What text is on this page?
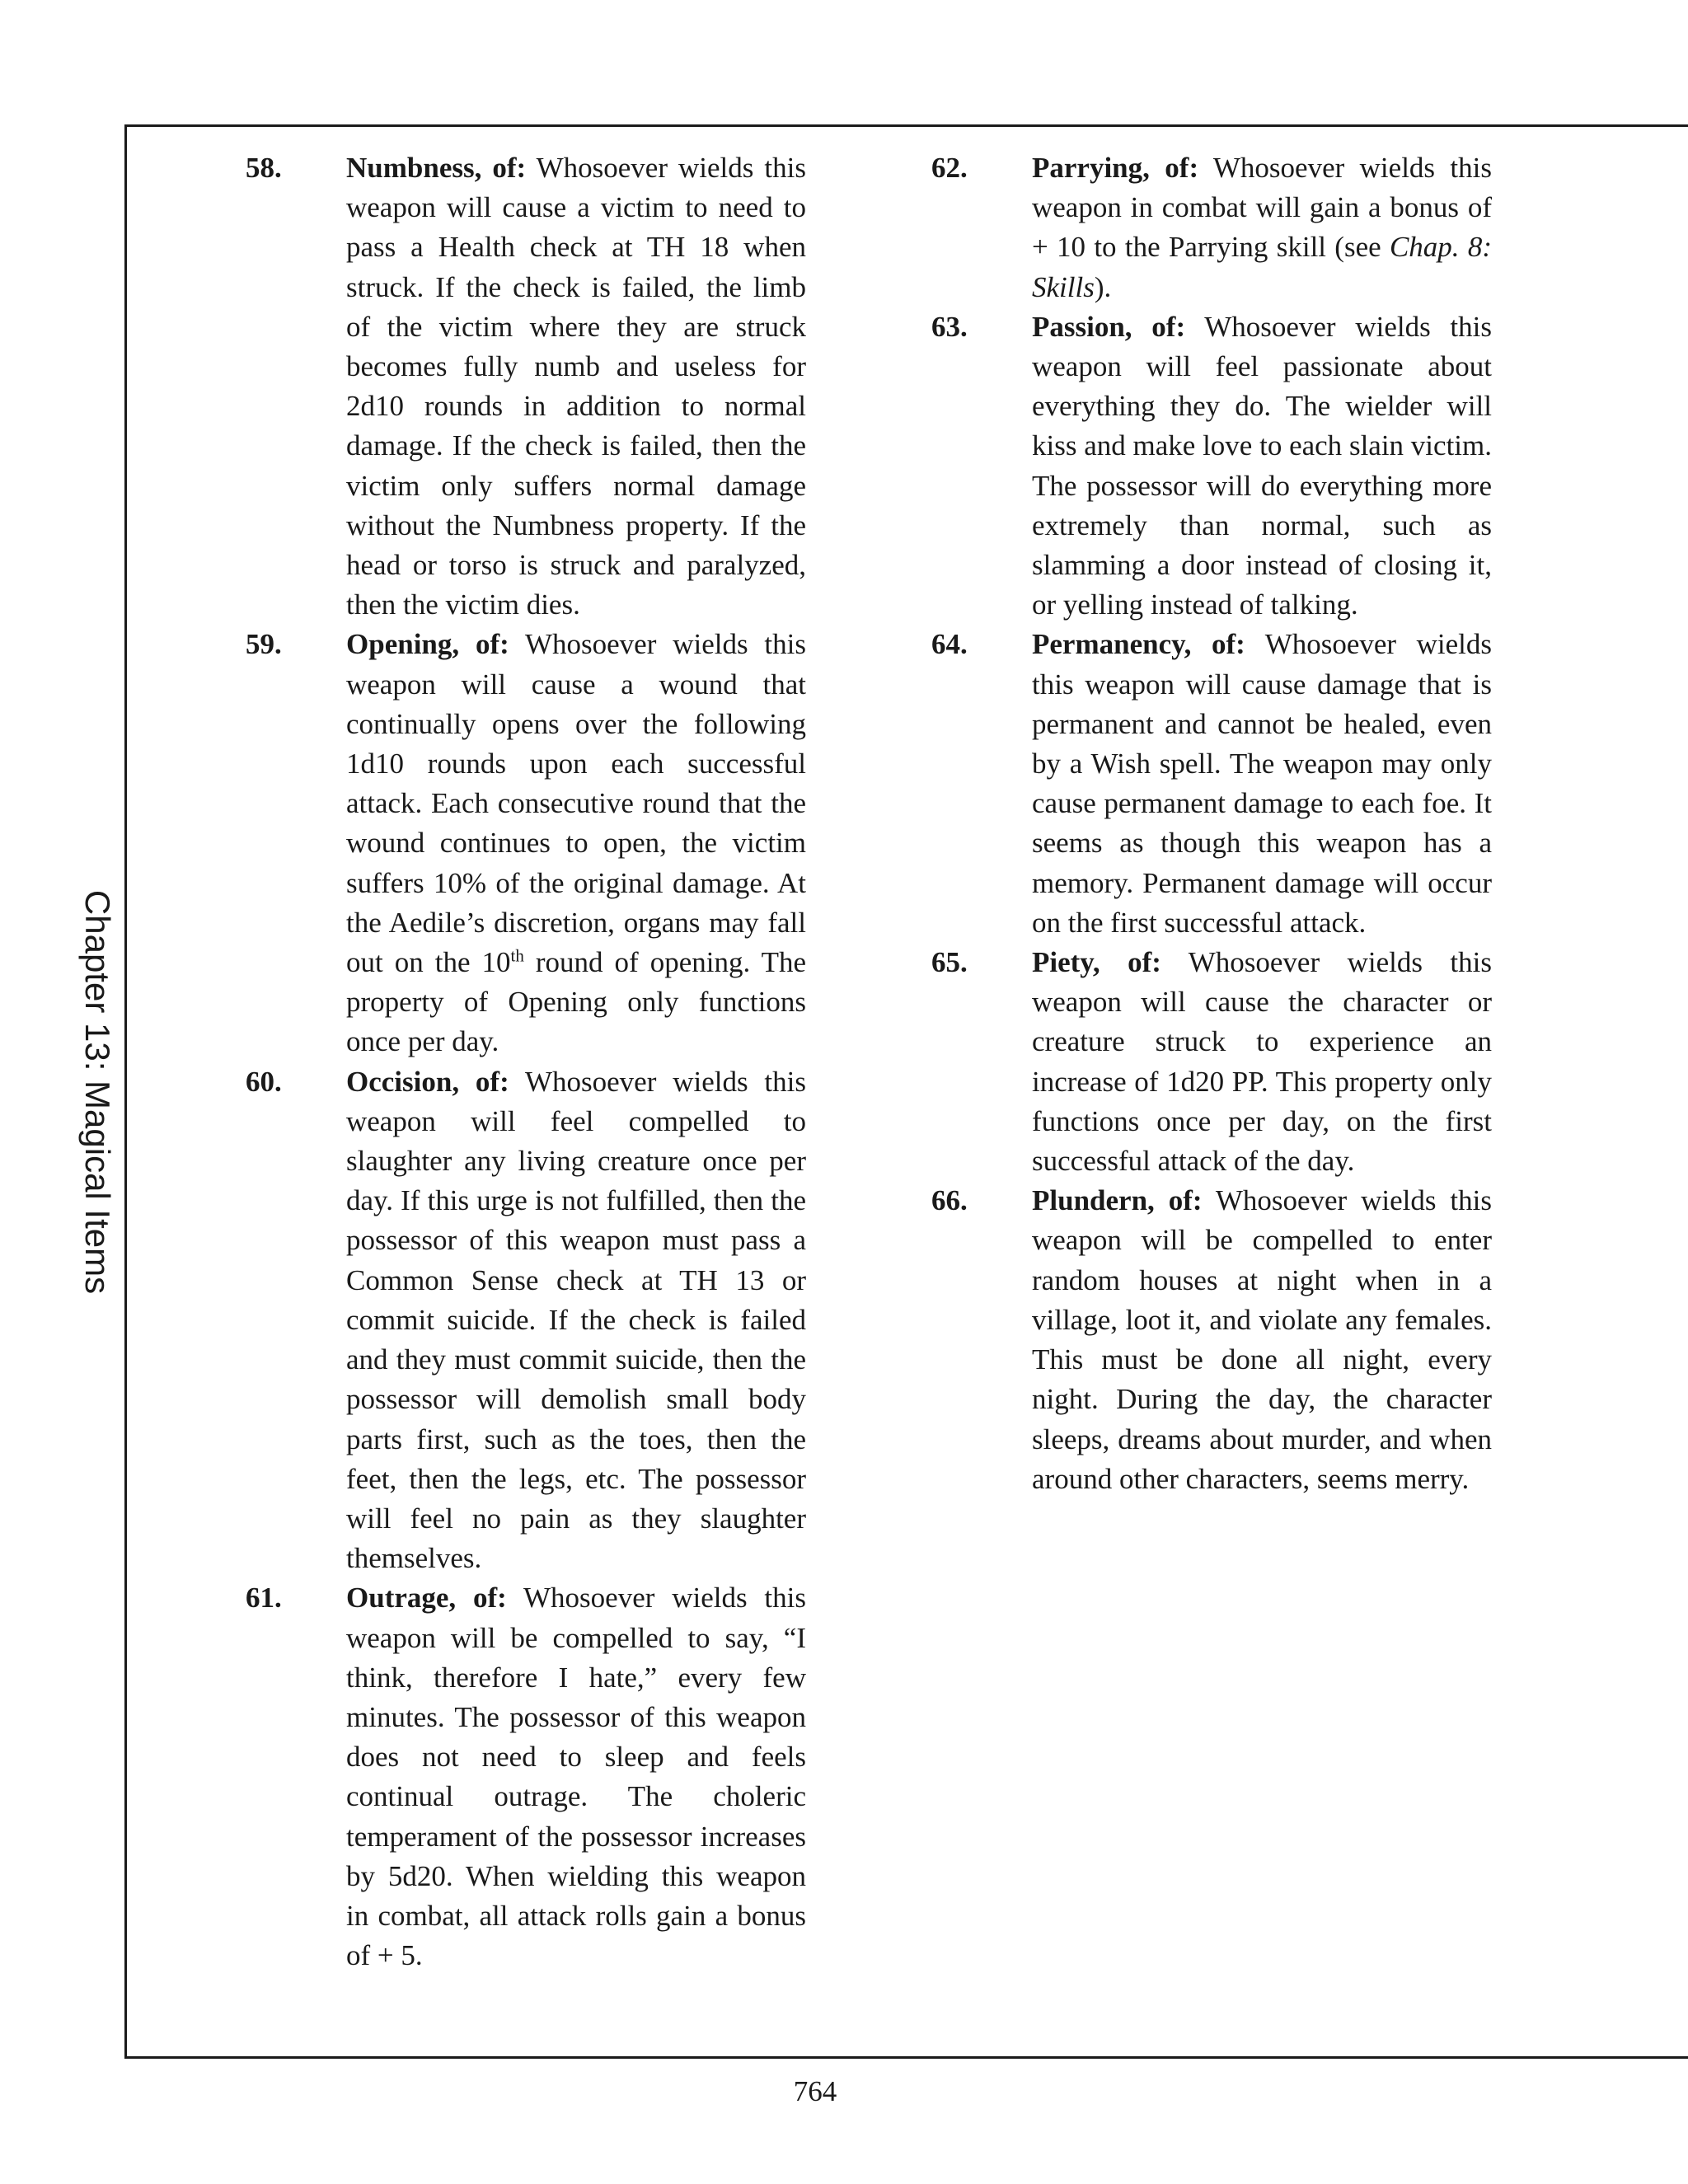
Chapter 13: Magical Items
58.	Numbness, of: Whosoever wields this weapon will cause a victim to need to pass a Health check at TH 18 when struck. If the check is failed, the limb of the victim where they are struck becomes fully numb and useless for 2d10 rounds in addition to normal damage. If the check is failed, then the victim only suffers normal damage without the Numbness property. If the head or torso is struck and paralyzed, then the victim dies.
59.	Opening, of: Whosoever wields this weapon will cause a wound that continually opens over the following 1d10 rounds upon each successful attack. Each consecutive round that the wound continues to open, the victim suffers 10% of the original damage. At the Aedile’s discretion, organs may fall out on the 10th round of opening. The property of Opening only functions once per day.
60.	Occision, of: Whosoever wields this weapon will feel compelled to slaughter any living creature once per day. If this urge is not fulfilled, then the possessor of this weapon must pass a Common Sense check at TH 13 or commit suicide. If the check is failed and they must commit suicide, then the possessor will demolish small body parts first, such as the toes, then the feet, then the legs, etc. The possessor will feel no pain as they slaughter themselves.
61.	Outrage, of: Whosoever wields this weapon will be compelled to say, “I think, therefore I hate,” every few minutes. The possessor of this weapon does not need to sleep and feels continual outrage. The choleric temperament of the possessor increases by 5d20. When wielding this weapon in combat, all attack rolls gain a bonus of + 5.
62.	Parrying, of: Whosoever wields this weapon in combat will gain a bonus of + 10 to the Parrying skill (see Chap. 8: Skills).
63.	Passion, of: Whosoever wields this weapon will feel passionate about everything they do. The wielder will kiss and make love to each slain victim. The possessor will do everything more extremely than normal, such as slamming a door instead of closing it, or yelling instead of talking.
64.	Permanency, of: Whosoever wields this weapon will cause damage that is permanent and cannot be healed, even by a Wish spell. The weapon may only cause permanent damage to each foe. It seems as though this weapon has a memory. Permanent damage will occur on the first successful attack.
65.	Piety, of: Whosoever wields this weapon will cause the character or creature struck to experience an increase of 1d20 PP. This property only functions once per day, on the first successful attack of the day.
66.	Plundern, of: Whosoever wields this weapon will be compelled to enter random houses at night when in a village, loot it, and violate any females. This must be done all night, every night. During the day, the character sleeps, dreams about murder, and when around other characters, seems merry.
764
